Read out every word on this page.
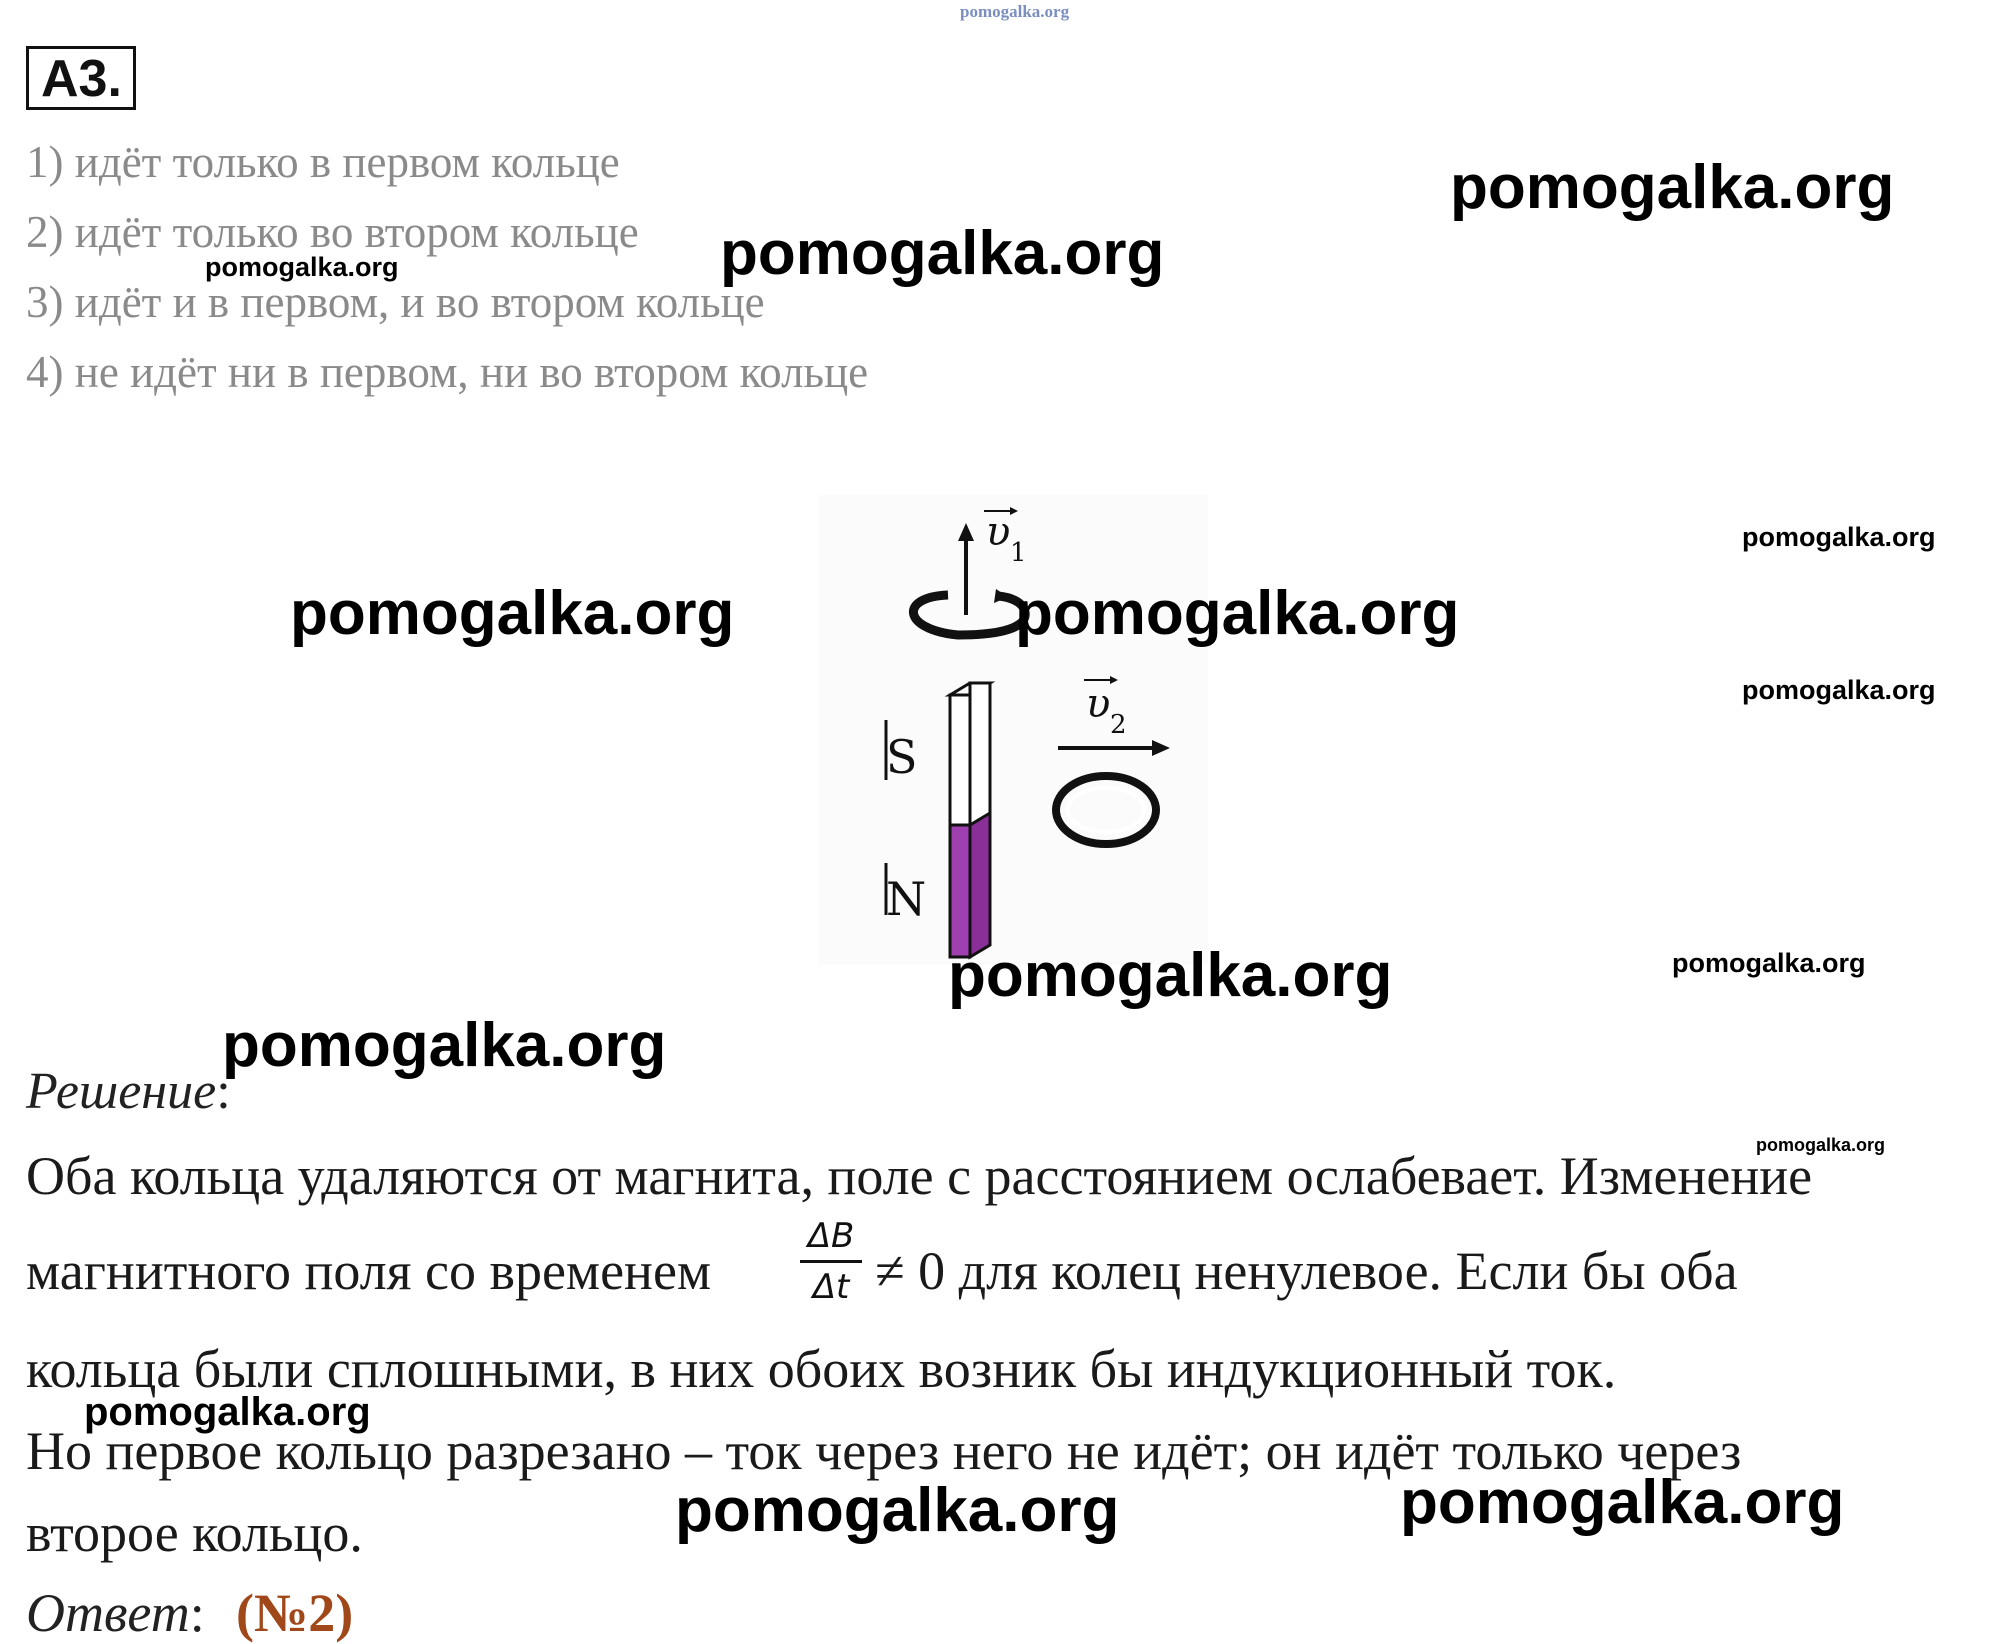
pomogalka.org
А3.
1) идёт только в первом кольце
2) идёт только во втором кольце
3) идёт и в первом, и во втором кольце
4) не идёт ни в первом, ни во втором кольце
υ 1
S
N
υ 2
pomogalka.org
pomogalka.org
pomogalka.org
pomogalka.org	pomogalka.org
pomogalka.org
pomogalka.org
pomogalka.org	pomogalka.org
pomogalka.org
pomogalka.org
pomogalka.org
pomogalka.org	pomogalka.org
Решение:
Оба кольца удаляются от магнита, поле с расстоянием ослабевает. Изменение
магнитного поля со временем
ΔB
Δt ≠ 0 для колец ненулевое. Если бы оба
кольца были сплошными, в них обоих возник бы индукционный ток.
Но первое кольцо разрезано – ток через него не идёт; он идёт только через
второе кольцо.
Ответ: (№2)
